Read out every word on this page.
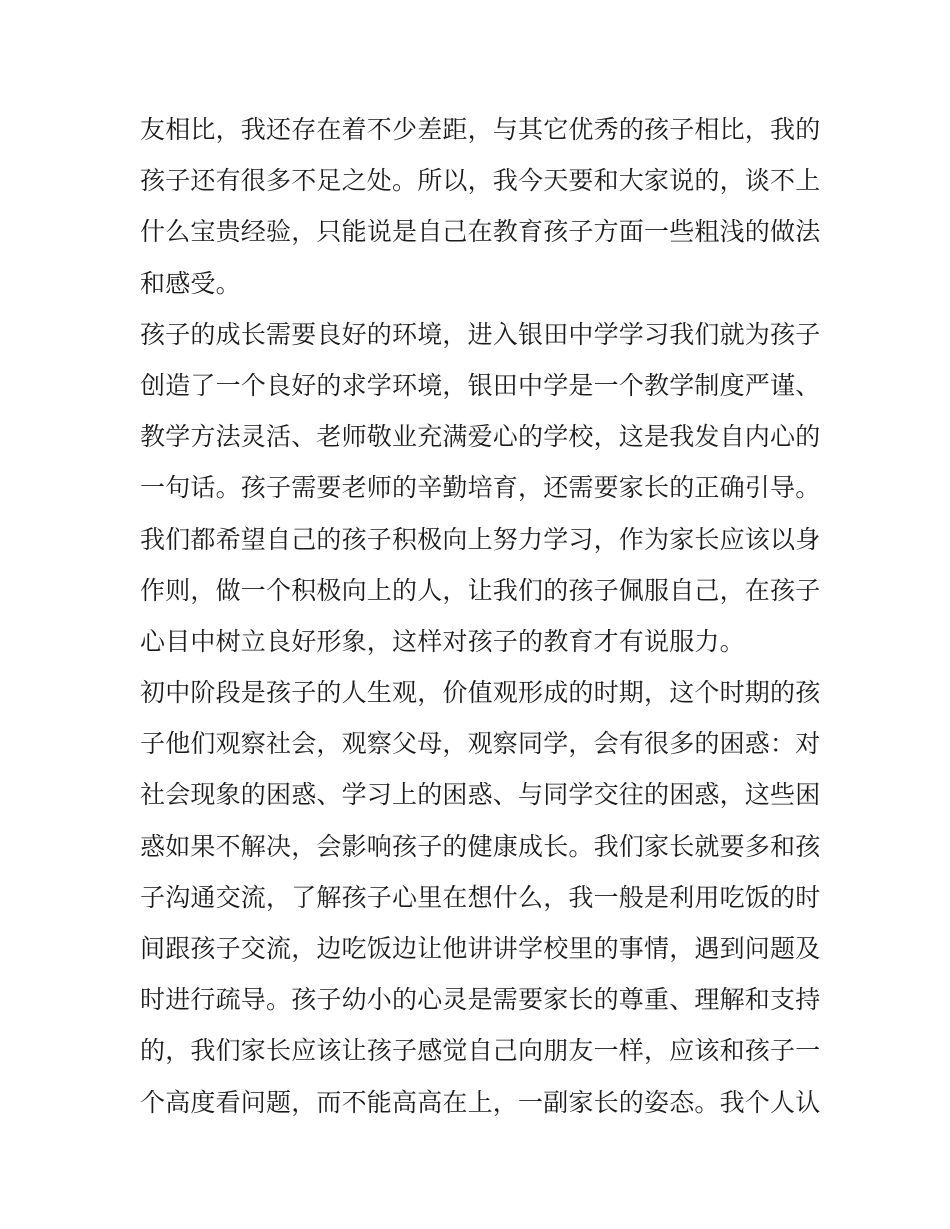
友相比，我还存在着不少差距，与其它优秀的孩子相比，我的
孩子还有很多不足之处。所以，我今天要和大家说的，谈不上
什么宝贵经验，只能说是自己在教育孩子方面一些粗浅的做法
和感受。
孩子的成长需要良好的环境，进入银田中学学习我们就为孩子
创造了一个良好的求学环境，银田中学是一个教学制度严谨、
教学方法灵活、老师敬业充满爱心的学校，这是我发自内心的
一句话。孩子需要老师的辛勤培育，还需要家长的正确引导。
我们都希望自己的孩子积极向上努力学习，作为家长应该以身
作则，做一个积极向上的人，让我们的孩子佩服自己，在孩子
心目中树立良好形象，这样对孩子的教育才有说服力。
初中阶段是孩子的人生观，价值观形成的时期，这个时期的孩
子他们观察社会，观察父母，观察同学，会有很多的困惑：对
社会现象的困惑、学习上的困惑、与同学交往的困惑，这些困
惑如果不解决，会影响孩子的健康成长。我们家长就要多和孩
子沟通交流，了解孩子心里在想什么，我一般是利用吃饭的时
间跟孩子交流，边吃饭边让他讲讲学校里的事情，遇到问题及
时进行疏导。孩子幼小的心灵是需要家长的尊重、理解和支持
的，我们家长应该让孩子感觉自己向朋友一样，应该和孩子一
个高度看问题，而不能高高在上，一副家长的姿态。我个人认
